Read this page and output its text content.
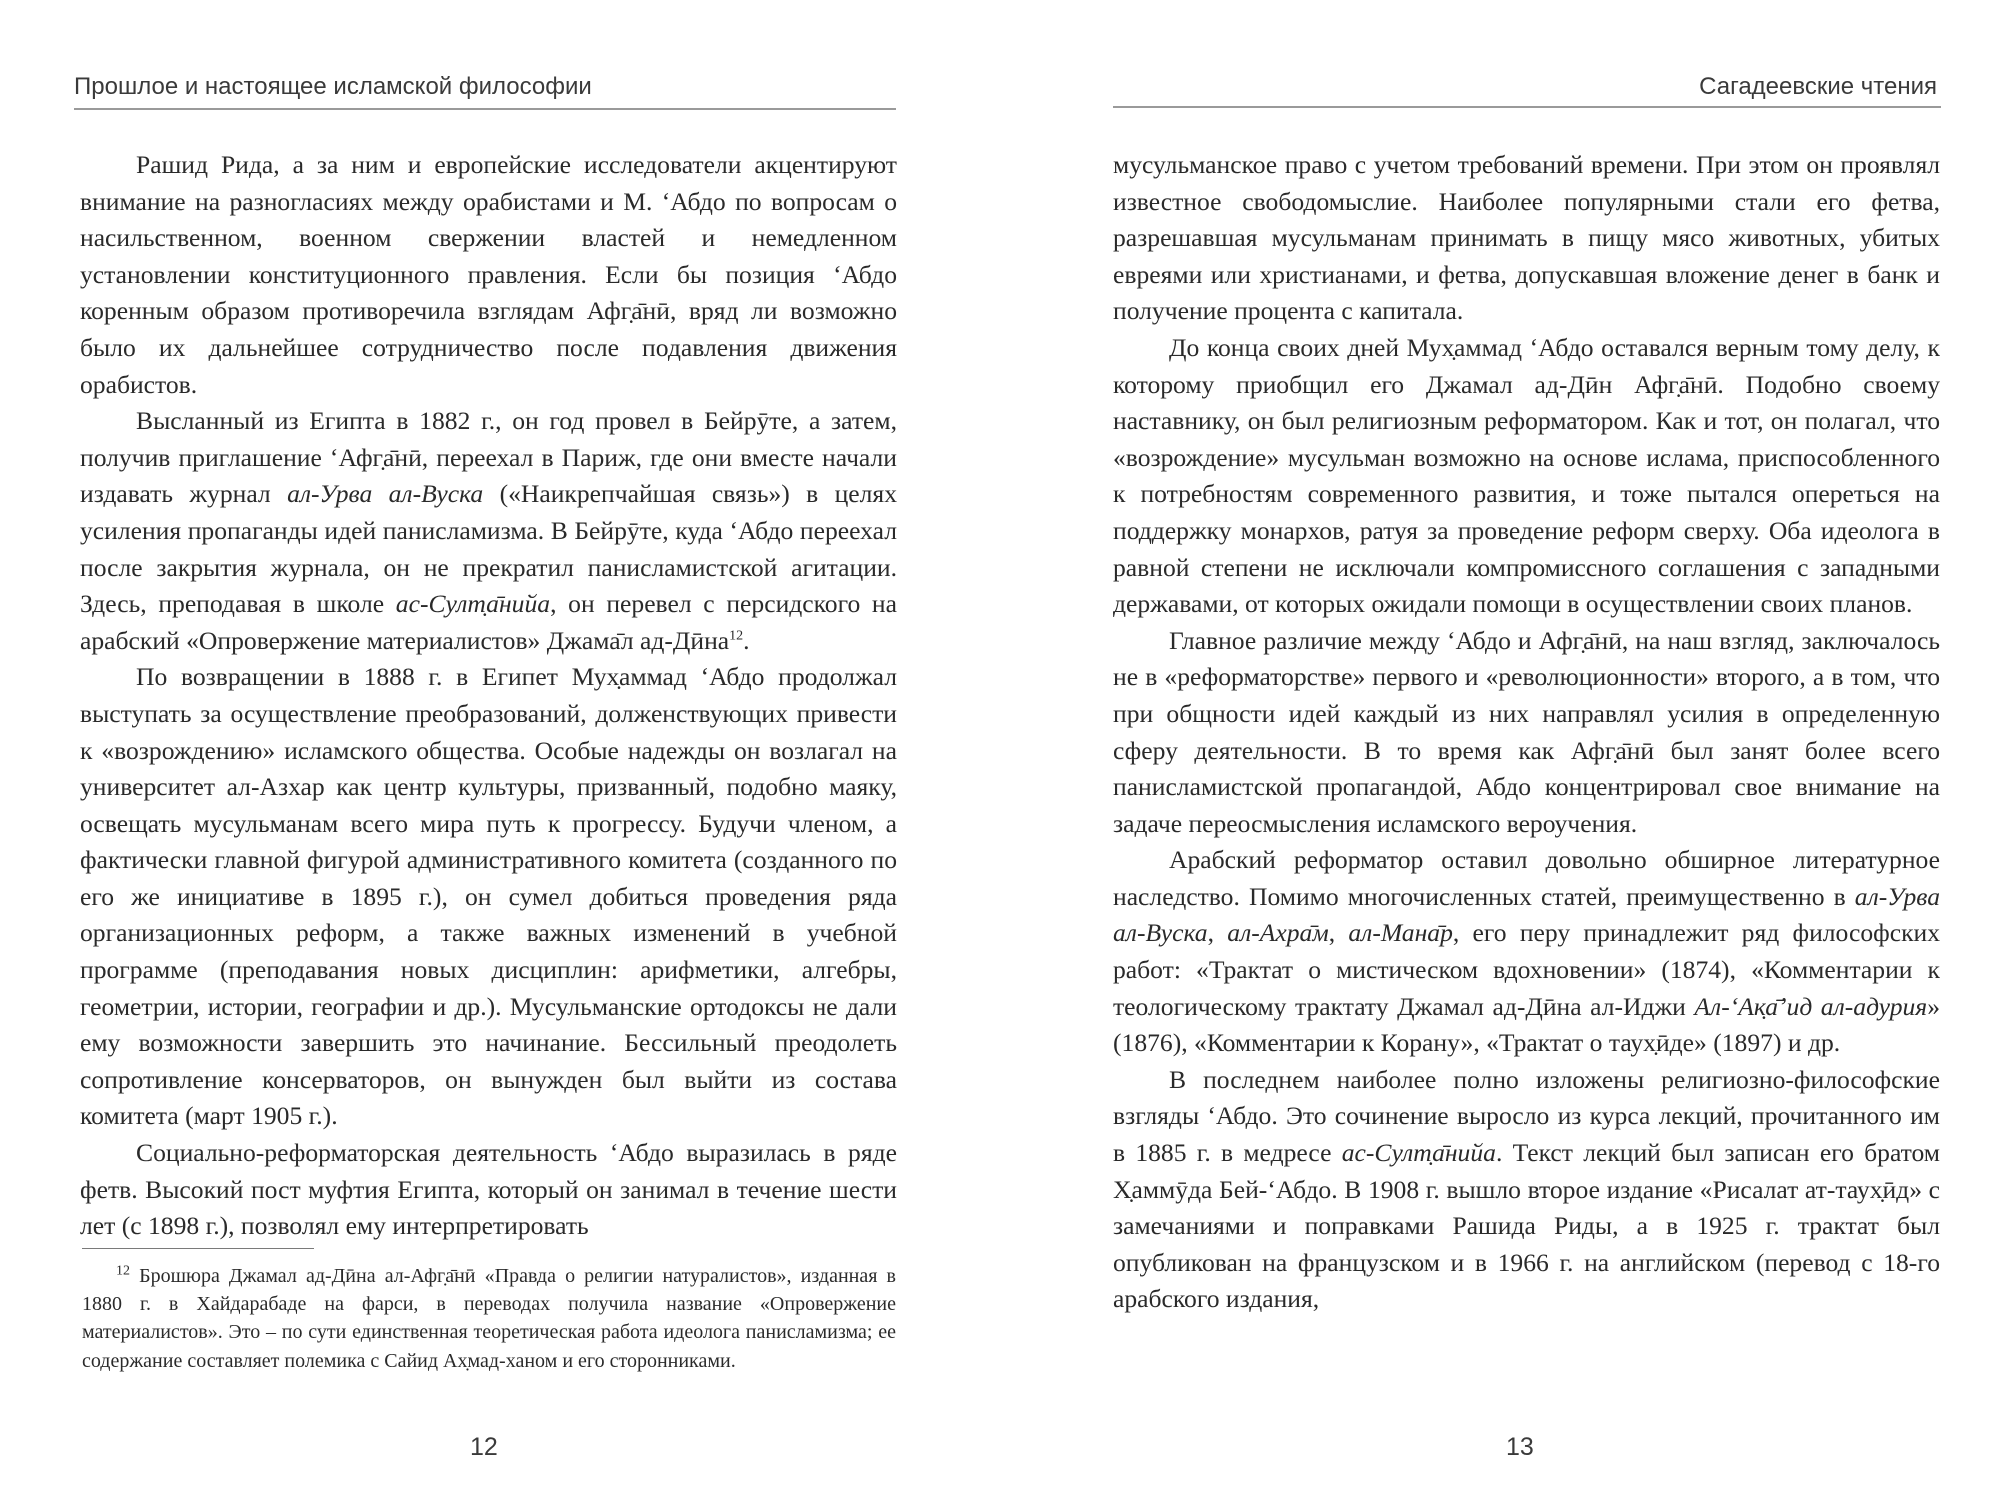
Прошлое и настоящее исламской философии

Рашид Рида, а за ним и европейские исследователи акцентируют внимание на разногласиях между орабистами и М. ‘Абдо по вопросам о насильственном, военном свержении властей и немедленном установлении конституционного правления. Если бы позиция ‘Абдо коренным образом противоречила взглядам Афг̣а̄нӣ, вряд ли возможно было их дальнейшее сотрудничество после подавления движения орабистов.

Высланный из Египта в 1882 г., он год провел в Бейрӯте, а затем, получив приглашение ‘Афг̣а̄нӣ, переехал в Париж, где они вместе начали издавать журнал ал-Урва ал-Вуска («Наикрепчайшая связь») в целях усиления пропаганды идей панисламизма. В Бейрӯте, куда ‘Абдо переехал после закрытия журнала, он не прекратил панисламистской агитации. Здесь, преподавая в школе ас-Султ̣а̄нийа, он перевел с персидского на арабский «Опровержение материалистов» Джама̄л ад-Дӣна$^{12}$.

По возвращении в 1888 г. в Египет Мух̣аммад ‘Абдо продолжал выступать за осуществление преобразований, долженствующих привести к «возрождению» исламского общества. Особые надежды он возлагал на университет ал-Азхар как центр культуры, призванный, подобно маяку, освещать мусульманам всего мира путь к прогрессу. Будучи членом, а фактически главной фигурой административного комитета (созданного по его же инициативе в 1895 г.), он сумел добиться проведения ряда организационных реформ, а также важных изменений в учебной программе (преподавания новых дисциплин: арифметики, алгебры, геометрии, истории, географии и др.). Мусульманские ортодоксы не дали ему возможности завершить это начинание. Бессильный преодолеть сопротивление консерваторов, он вынужден был выйти из состава комитета (март 1905 г.).

Социально-реформаторская деятельность ‘Абдо выразилась в ряде фетв. Высокий пост муфтия Египта, который он занимал в течение шести лет (с 1898 г.), позволял ему интерпретировать

$^{12}$ Брошюра Джамал ад-Дӣна ал-Афг̣а̄нӣ «Правда о религии натуралистов», изданная в 1880 г. в Хайдарабаде на фарси, в переводах получила название «Опровержение материалистов». Это – по сути единственная теоретическая работа идеолога панисламизма; ее содержание составляет полемика с Сайид Ах̣мад-ханом и его сторонниками.

12
Сагадеевские чтения

мусульманское право с учетом требований времени. При этом он проявлял известное свободомыслие. Наиболее популярными стали его фетва, разрешавшая мусульманам принимать в пищу мясо животных, убитых евреями или христианами, и фетва, допускавшая вложение денег в банк и получение процента с капитала.

До конца своих дней Мух̣аммад ‘Абдо оставался верным тому делу, к которому приобщил его Джамал ад-Дӣн Афг̣а̄нӣ. Подобно своему наставнику, он был религиозным реформатором. Как и тот, он полагал, что «возрождение» мусульман возможно на основе ислама, приспособленного к потребностям современного развития, и тоже пытался опереться на поддержку монархов, ратуя за проведение реформ сверху. Оба идеолога в равной степени не исключали компромиссного соглашения с западными державами, от которых ожидали помощи в осуществлении своих планов.

Главное различие между ‘Абдо и Афг̣а̄нӣ, на наш взгляд, заключалось не в «реформаторстве» первого и «революционности» второго, а в том, что при общности идей каждый из них направлял усилия в определенную сферу деятельности. В то время как Афг̣а̄нӣ был занят более всего панисламистской пропагандой, Абдо концентрировал свое внимание на задаче переосмысления исламского вероучения.

Арабский реформатор оставил довольно обширное литературное наследство. Помимо многочисленных статей, преимущественно в ал-Урва ал-Вуска, ал-Ахра̄м, ал-Мана̄р, его перу принадлежит ряд философских работ: «Трактат о мистическом вдохновении» (1874), «Комментарии к теологическому трактату Джамал ад-Дӣна ал-Иджи Ал-‘Ак̣а̄ʼид ал-адурия» (1876), «Комментарии к Корану», «Трактат о таух̣ӣде» (1897) и др.

В последнем наиболее полно изложены религиозно-философские взгляды ‘Абдо. Это сочинение выросло из курса лекций, прочитанного им в 1885 г. в медресе ас-Султ̣а̄нийа. Текст лекций был записан его братом Х̣аммӯда Бей-‘Абдо. В 1908 г. вышло второе издание «Рисалат ат-таух̣ӣд» с замечаниями и поправками Рашида Риды, а в 1925 г. трактат был опубликован на французском и в 1966 г. на английском (перевод с 18-го арабского издания,

13
